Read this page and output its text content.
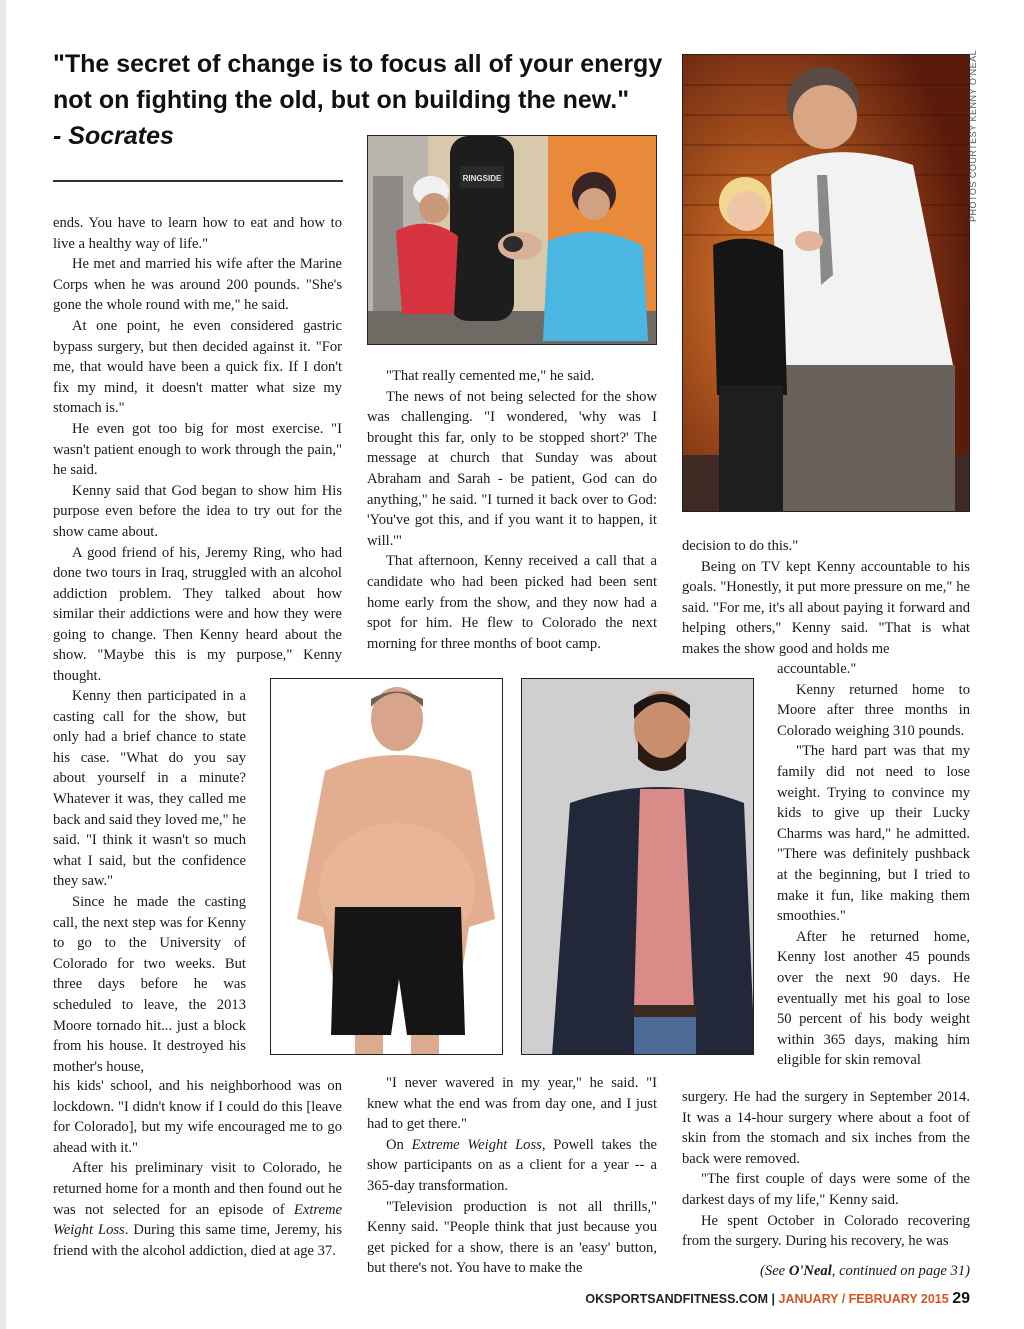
"The secret of change is to focus all of your energy
not on fighting the old, but on building the new."
- Socrates

ends. You have to learn how to eat and how to live a healthy way of life."

He met and married his wife after the Marine Corps when he was around 200 pounds. "She's gone the whole round with me," he said.

At one point, he even considered gastric bypass surgery, but then decided against it. "For me, that would have been a quick fix. If I don't fix my mind, it doesn't matter what size my stomach is."

He even got too big for most exercise. "I wasn't patient enough to work through the pain," he said.

Kenny said that God began to show him His purpose even before the idea to try out for the show came about.

A good friend of his, Jeremy Ring, who had done two tours in Iraq, struggled with an alcohol addiction problem. They talked about how similar their addictions were and how they were going to change. Then Kenny heard about the show. "Maybe this is my purpose," Kenny thought.

Kenny then participated in a casting call for the show, but only had a brief chance to state his case. "What do you say about yourself in a minute? Whatever it was, they called me back and said they loved me," he said. "I think it wasn't so much what I said, but the confidence they saw."

Since he made the casting call, the next step was for Kenny to go to the University of Colorado for two weeks. But three days before he was scheduled to leave, the 2013 Moore tornado hit... just a block from his house. It destroyed his mother's house,

his kids' school, and his neighborhood was on lockdown. "I didn't know if I could do this [leave for Colorado], but my wife encouraged me to go ahead with it."

After his preliminary visit to Colorado, he returned home for a month and then found out he was not selected for an episode of Extreme Weight Loss. During this same time, Jeremy, his friend with the alcohol addiction, died at age 37.

"That really cemented me," he said.

The news of not being selected for the show was challenging. "I wondered, 'why was I brought this far, only to be stopped short?' The message at church that Sunday was about Abraham and Sarah - be patient, God can do anything," he said. "I turned it back over to God: 'You've got this, and if you want it to happen, it will.'"

That afternoon, Kenny received a call that a candidate who had been picked had been sent home early from the show, and they now had a spot for him. He flew to Colorado the next morning for three months of boot camp.

"I never wavered in my year," he said. "I knew what the end was from day one, and I just had to get there."

On Extreme Weight Loss, Powell takes the show participants on as a client for a year -- a 365-day transformation.

"Television production is not all thrills," Kenny said. "People think that just because you get picked for a show, there is an 'easy' button, but there's not. You have to make the

decision to do this."

Being on TV kept Kenny accountable to his goals. "Honestly, it put more pressure on me," he said. "For me, it's all about paying it forward and helping others," Kenny said. "That is what makes the show good and holds me

accountable."

Kenny returned home to Moore after three months in Colorado weighing 310 pounds.

"The hard part was that my family did not need to lose weight. Trying to convince my kids to give up their Lucky Charms was hard," he admitted. "There was definitely pushback at the beginning, but I tried to make it fun, like making them smoothies."

After he returned home, Kenny lost another 45 pounds over the next 90 days. He eventually met his goal to lose 50 percent of his body weight within 365 days, making him eligible for skin removal

surgery. He had the surgery in September 2014. It was a 14-hour surgery where about a foot of skin from the stomach and six inches from the back were removed.

"The first couple of days were some of the darkest days of my life," Kenny said.

He spent October in Colorado recovering from the surgery. During his recovery, he was

(See O'Neal, continued on page 31)
RINGSIDE	PHOTOS COURTESY KENNY O'NEAL
OKSPORTSANDFITNESS.COM | JANUARY / FEBRUARY 2015 29
